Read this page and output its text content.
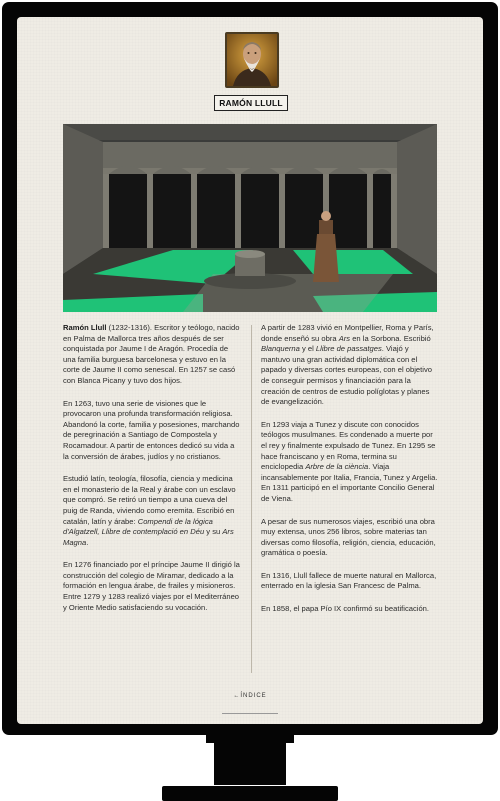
RAMÓN LLULL

Ramón Llull (1232-1316). Escritor y teólogo, nacido en Palma de Mallorca tres años después de ser conquistada por Jaume I de Aragón. Procedía de una familia burguesa barcelonesa y estuvo en la corte de Jaume II como senescal. En 1257 se casó con Blanca Picany y tuvo dos hijos.

En 1263, tuvo una serie de visiones que le provocaron una profunda transformación religiosa. Abandonó la corte, familia y posesiones, marchando de peregrinación a Santiago de Compostela y Rocamadour. A partir de entonces dedicó su vida a la conversión de árabes, judíos y no cristianos.

Estudió latín, teología, filosofía, ciencia y medicina en el monasterio de la Real y árabe con un esclavo que compró. Se retiró un tiempo a una cueva del puig de Randa, viviendo como eremita. Escribió en catalán, latín y árabe: Compendi de la lógica d'Algatzell, Llibre de contemplació en Déu y su Ars Magna.

En 1276 financiado por el príncipe Jaume II dirigió la construcción del colegio de Miramar, dedicado a la formación en lengua árabe, de frailes y misioneros. Entre 1279 y 1283 realizó viajes por el Mediterráneo y Oriente Medio satisfaciendo su vocación.

A partir de 1283 vivió en Montpellier, Roma y París, donde enseñó su obra Ars en la Sorbona. Escribió Blanquerna y el Llibre de passatges. Viajó y mantuvo una gran actividad diplomática con el papado y diversas cortes europeas, con el objetivo de conseguir permisos y financiación para la creación de centros de estudio políglotas y planes de evangelización.

En 1293 viaja a Tunez y discute con conocidos teólogos musulmanes. Es condenado a muerte por el rey y finalmente expulsado de Tunez. En 1295 se hace franciscano y en Roma, termina su enciclopedia Arbre de la ciència. Viaja incansablemente por Italia, Francia, Tunez y Argelia. En 1311 participó en el importante Concilio General de Viena.

A pesar de sus numerosos viajes, escribió una obra muy extensa, unos 256 libros, sobre materias tan diversas como filosofía, religión, ciencia, educación, gramática o poesía.

En 1316, Llull fallece de muerte natural en Mallorca, enterrado en la iglesia San Francesc de Palma.

En 1858, el papa Pío IX confirmó su beatificación.

←ÍNDICE
